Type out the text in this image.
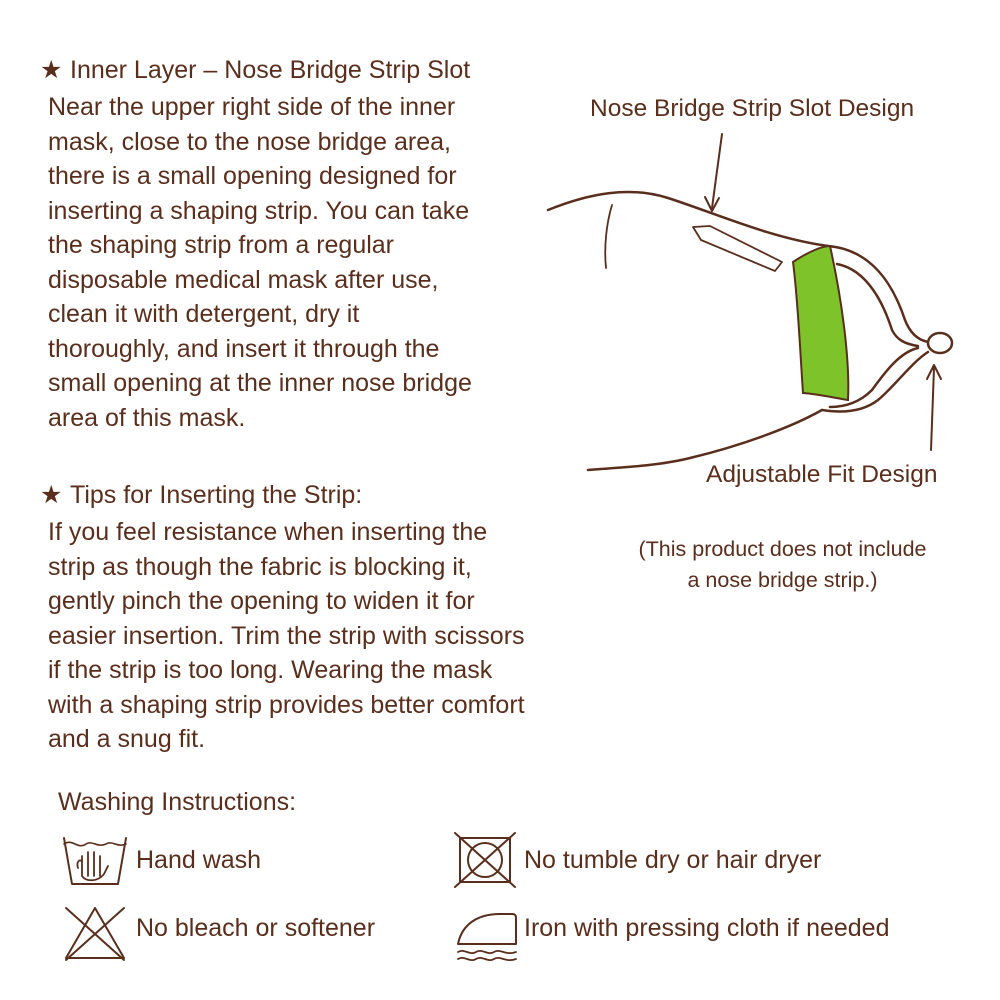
★ Inner Layer – Nose Bridge Strip Slot
Near the upper right side of the inner
mask, close to the nose bridge area,
there is a small opening designed for
inserting a shaping strip. You can take
the shaping strip from a regular
disposable medical mask after use,
clean it with detergent, dry it
thoroughly, and insert it through the
small opening at the inner nose bridge
area of this mask.
★ Tips for Inserting the Strip:
If you feel resistance when inserting the
strip as though the fabric is blocking it,
gently pinch the opening to widen it for
easier insertion. Trim the strip with scissors
if the strip is too long. Wearing the mask
with a shaping strip provides better comfort
and a snug fit.
Nose Bridge Strip Slot Design
Adjustable Fit Design
(This product does not include
a nose bridge strip.)
Washing Instructions:
Hand wash	No tumble dry or hair dryer
No bleach or softener	Iron with pressing cloth if needed
